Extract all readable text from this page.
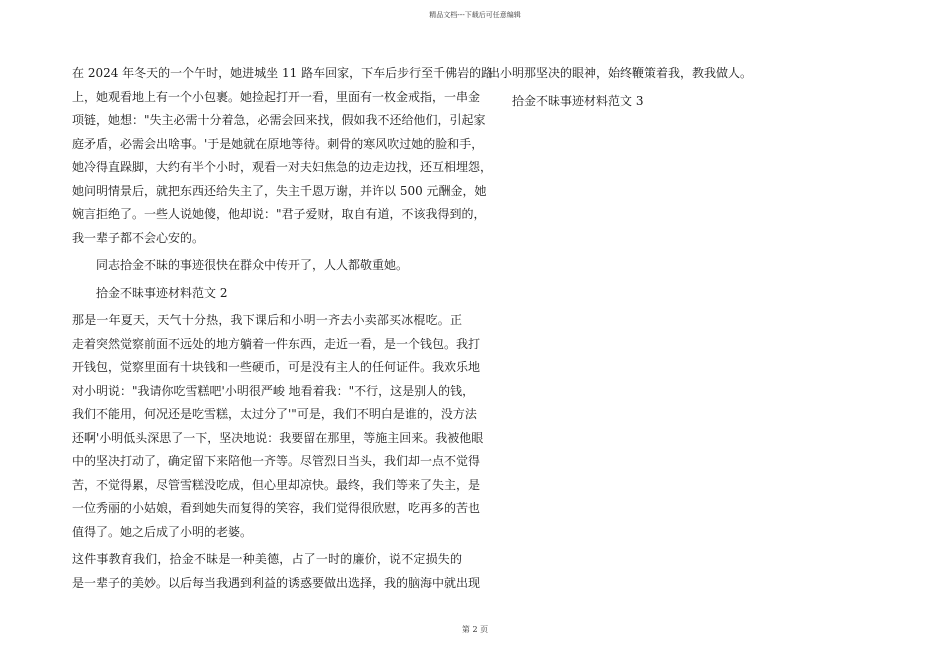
精品文档---下载后可任意编辑
在 2024 年冬天的一个午时，她进城坐 11 路车回家，下车后步行至千佛岩的路
上，她观看地上有一个小包裹。她捡起打开一看，里面有一枚金戒指，一串金
项链，她想："失主必需十分着急，必需会回来找，假如我不还给他们，引起家
庭矛盾，必需会出啥事。'于是她就在原地等待。刺骨的寒风吹过她的脸和手，
她冷得直跺脚，大约有半个小时，观看一对夫妇焦急的边走边找，还互相埋怨，
她问明情景后，就把东西还给失主了，失主千恩万谢，并许以 500 元酬金，她
婉言拒绝了。一些人说她傻，他却说："君子爱财，取自有道，不该我得到的，
我一辈子都不会心安的。
同志拾金不昧的事迹很快在群众中传开了，人人都敬重她。
拾金不昧事迹材料范文 2
那是一年夏天，天气十分热，我下课后和小明一齐去小卖部买冰棍吃。正
走着突然觉察前面不远处的地方躺着一件东西，走近一看，是一个钱包。我打
开钱包，觉察里面有十块钱和一些硬币，可是没有主人的任何证件。我欢乐地
对小明说："我请你吃雪糕吧'小明很严峻 地看着我："不行，这是别人的钱，
我们不能用，何况还是吃雪糕，太过分了'"可是，我们不明白是谁的，没方法
还啊'小明低头深思了一下，坚决地说：我要留在那里，等施主回来。我被他眼
中的坚决打动了，确定留下来陪他一齐等。尽管烈日当头，我们却一点不觉得
苦，不觉得累，尽管雪糕没吃成，但心里却凉快。最终，我们等来了失主，是
一位秀丽的小姑娘，看到她失而复得的笑容，我们觉得很欣慰，吃再多的苦也
值得了。她之后成了小明的老婆。
这件事教育我们，拾金不昧是一种美德，占了一时的廉价，说不定损失的
是一辈子的美妙。以后每当我遇到利益的诱惑要做出选择，我的脑海中就出现
出小明那坚决的眼神，始终鞭策着我，教我做人。
拾金不昧事迹材料范文 3
第 2 页
